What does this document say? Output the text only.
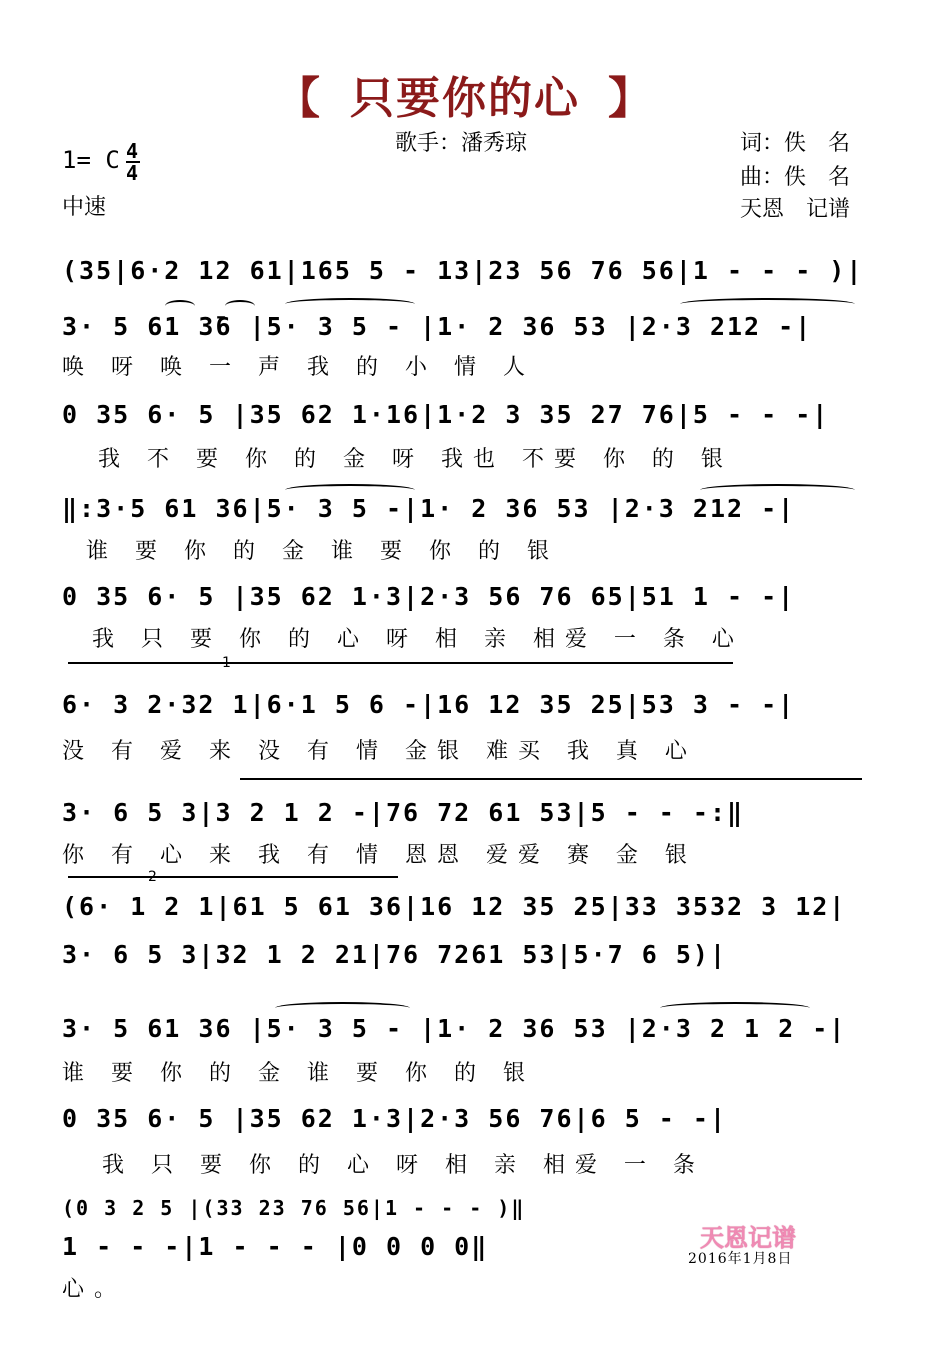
【 只要你的心 】
歌手：潘秀琼	词：佚　名
曲：佚　名
天恩　记谱
1= C 4
4
中速
(35|6·2 12 61|165 5 - 13|23 56 76 56|1 - - - )|
3· 5 61 3̄6 |5· 3 5 - |1· 2 36 53 |2·3 212 -|
唤 呀 唤 一 声 我 的 小 情 人
0 35 6· 5 |35 62 1·16|1·2 3 35 27 76|5 - - -|
我 不 要 你 的 金 呀 我也 不要 你 的 银
‖:3·5 61 36|5· 3 5 -|1· 2 36 53 |2·3 212 -|
谁 要 你 的 金 谁 要 你 的 银
0 35 6· 5 |35 62 1·3|2·3 56 76 65|51 1 - -|
我 只 要 你 的 心 呀 相 亲 相爱 一 条 心
1
6· 3 2·32 1|6·1 5 6 -|16 12 35 25|53 3 - -|
没 有 爱 来 没 有 情 金银 难买 我 真 心
3· 6 5 3|3 2 1 2 -|76 72 61 53|5 - - -:‖
你 有 心 来 我 有 情 恩恩 爱爱 赛 金 银
2
(6· 1 2 1|61 5 61 36|16 12 35 25|33 3532 3 12|
3· 6 5 3|32 1 2 21|76 7261 53|5·7 6 5)|
3· 5 61 36 |5· 3 5 - |1· 2 36 53 |2·3 2 1 2 -|
谁 要 你 的 金 谁 要 你 的 银
0 35 6· 5 |35 62 1·3|2·3 56 76|6 5 - -|
我 只 要 你 的 心 呀 相 亲 相爱 一 条
(0 3 2 5 |(33 23 76 56|1 - - - )‖
1 - - -|1 - - - |0 0 0 0‖
心。
天恩记谱
2016年1月8日
